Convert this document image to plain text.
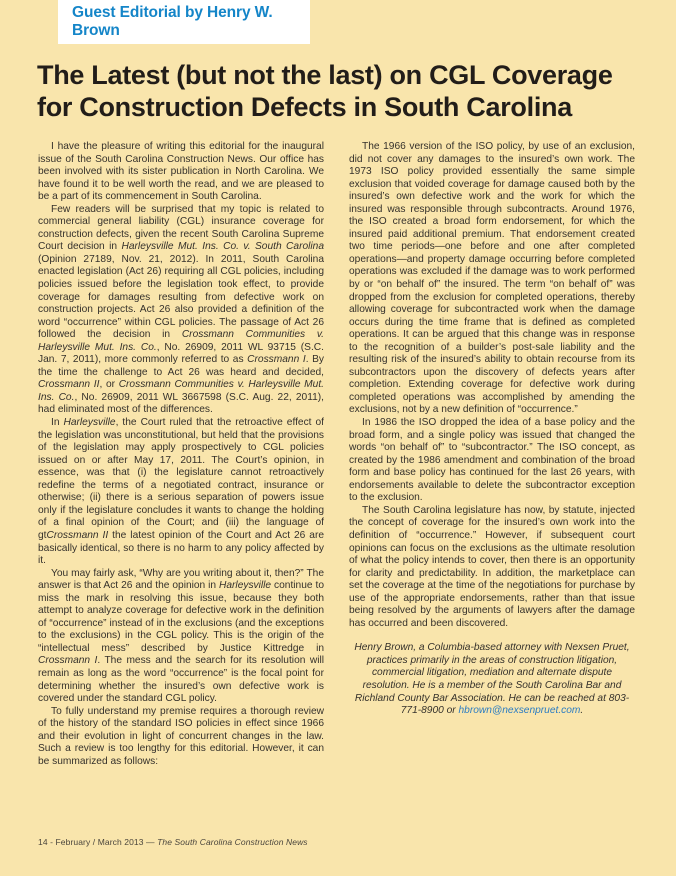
Guest Editorial by Henry W. Brown
The Latest (but not the last) on CGL Coverage
for Construction Defects in South Carolina

I have the pleasure of writing this editorial for the inaugural issue of the South Carolina Construction News. Our office has been involved with its sister publication in North Carolina. We have found it to be well worth the read, and we are pleased to be a part of its commencement in South Carolina.

Few readers will be surprised that my topic is related to commercial general liability (CGL) insurance coverage for construction defects, given the recent South Carolina Supreme Court decision in Harleysville Mut. Ins. Co. v. South Carolina (Opinion 27189, Nov. 21, 2012). In 2011, South Carolina enacted legislation (Act 26) requiring all CGL policies, including policies issued before the legislation took effect, to provide coverage for damages resulting from defective work on construction projects. Act 26 also provided a definition of the word “occurrence” within CGL policies. The passage of Act 26 followed the decision in Crossmann Communities v. Harleysville Mut. Ins. Co., No. 26909, 2011 WL 93715 (S.C. Jan. 7, 2011), more commonly referred to as Crossmann I. By the time the challenge to Act 26 was heard and decided, Crossmann II, or Crossmann Communities v. Harleysville Mut. Ins. Co., No. 26909, 2011 WL 3667598 (S.C. Aug. 22, 2011), had eliminated most of the differences.

In Harleysville, the Court ruled that the retroactive effect of the legislation was unconstitutional, but held that the provisions of the legislation may apply prospectively to CGL policies issued on or after May 17, 2011. The Court’s opinion, in essence, was that (i) the legislature cannot retroactively redefine the terms of a negotiated contract, insurance or otherwise; (ii) there is a serious separation of powers issue only if the legislature concludes it wants to change the holding of a final opinion of the Court; and (iii) the language of gtCrossmann II the latest opinion of the Court and Act 26 are basically identical, so there is no harm to any policy affected by it.

You may fairly ask, “Why are you writing about it, then?” The answer is that Act 26 and the opinion in Harleysville continue to miss the mark in resolving this issue, because they both attempt to analyze coverage for defective work in the definition of “occurrence” instead of in the exclusions (and the exceptions to the exclusions) in the CGL policy. This is the origin of the “intellectual mess” described by Justice Kittredge in Crossmann I. The mess and the search for its resolution will remain as long as the word “occurrence” is the focal point for determining whether the insured’s own defective work is covered under the standard CGL policy.

To fully understand my premise requires a thorough review of the history of the standard ISO policies in effect since 1966 and their evolution in light of concurrent changes in the law. Such a review is too lengthy for this editorial. However, it can be summarized as follows:

The 1966 version of the ISO policy, by use of an exclusion, did not cover any damages to the insured’s own work. The 1973 ISO policy provided essentially the same simple exclusion that voided coverage for damage caused both by the insured’s own defective work and the work for which the insured was responsible through subcontracts. Around 1976, the ISO created a broad form endorsement, for which the insured paid additional premium. That endorsement created two time periods—one before and one after completed operations—and property damage occurring before completed operations was excluded if the damage was to work performed by or “on behalf of” the insured. The term “on behalf of” was dropped from the exclusion for completed operations, thereby allowing coverage for subcontracted work when the damage occurs during the time frame that is defined as completed operations. It can be argued that this change was in response to the recognition of a builder’s post-sale liability and the resulting risk of the insured’s ability to obtain recourse from its subcontractors upon the discovery of defects years after completion. Extending coverage for defective work during completed operations was accomplished by amending the exclusions, not by a new definition of “occurrence.”

In 1986 the ISO dropped the idea of a base policy and the broad form, and a single policy was issued that changed the words “on behalf of” to “subcontractor.” The ISO concept, as created by the 1986 amendment and combination of the broad form and base policy has continued for the last 26 years, with endorsements available to delete the subcontractor exception to the exclusion.

The South Carolina legislature has now, by statute, injected the concept of coverage for the insured’s own work into the definition of “occurrence.” However, if subsequent court opinions can focus on the exclusions as the ultimate resolution of what the policy intends to cover, then there is an opportunity for clarity and predictability. In addition, the marketplace can set the coverage at the time of the negotiations for purchase by use of the appropriate endorsements, rather than that issue being resolved by the arguments of lawyers after the damage has occurred and been discovered.

Henry Brown, a Columbia-based attorney with Nexsen Pruet, practices primarily in the areas of construction litigation, commercial litigation, mediation and alternate dispute resolution. He is a member of the South Carolina Bar and Richland County Bar Association. He can be reached at 803-771-8900 or hbrown@nexsenpruet.com.

14 - February / March 2013 — The South Carolina Construction News
